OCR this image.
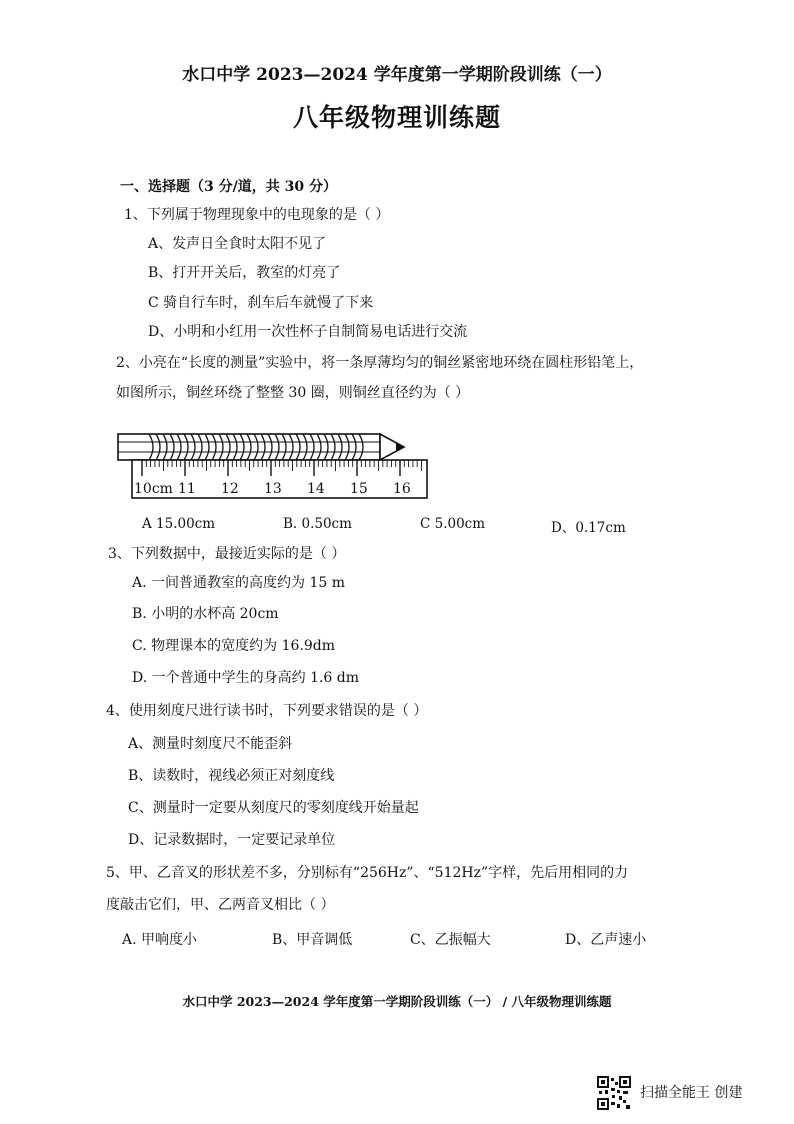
水口中学 2023—2024 学年度第一学期阶段训练（一）
八年级物理训练题
一、选择题（3 分/道，共 30 分）
1、下列属于物理现象中的电现象的是（ ）
A、发声日全食时太阳不见了
B、打开开关后，教室的灯亮了
C 骑自行车时，刹车后车就慢了下来
D、小明和小红用一次性杯子自制简易电话进行交流
2、小亮在“长度的测量”实验中，将一条厚薄均匀的铜丝紧密地环绕在圆柱形铅笔上，
如图所示，铜丝环绕了整整 30 圈，则铜丝直径约为（ ）
10cm 11 12 13 14 15 16
A 15.00cm	B. 0.50cm	C 5.00cm	D、0.17cm
3、下列数据中，最接近实际的是（ ）
A. 一间普通教室的高度约为 15 m
B. 小明的水杯高 20cm
C. 物理课本的宽度约为 16.9dm
D. 一个普通中学生的身高约 1.6 dm
4、使用刻度尺进行读书时，下列要求错误的是（ ）
A、测量时刻度尺不能歪斜
B、读数时，视线必须正对刻度线
C、测量时一定要从刻度尺的零刻度线开始量起
D、记录数据时，一定要记录单位
5、甲、乙音叉的形状差不多，分别标有“256Hz”、“512Hz”字样，先后用相同的力
度敲击它们，甲、乙两音叉相比（ ）
A. 甲响度小	B、甲音调低	C、乙振幅大	D、乙声速小
水口中学 2023—2024 学年度第一学期阶段训练（一） / 八年级物理训练题
扫描全能王 创建
